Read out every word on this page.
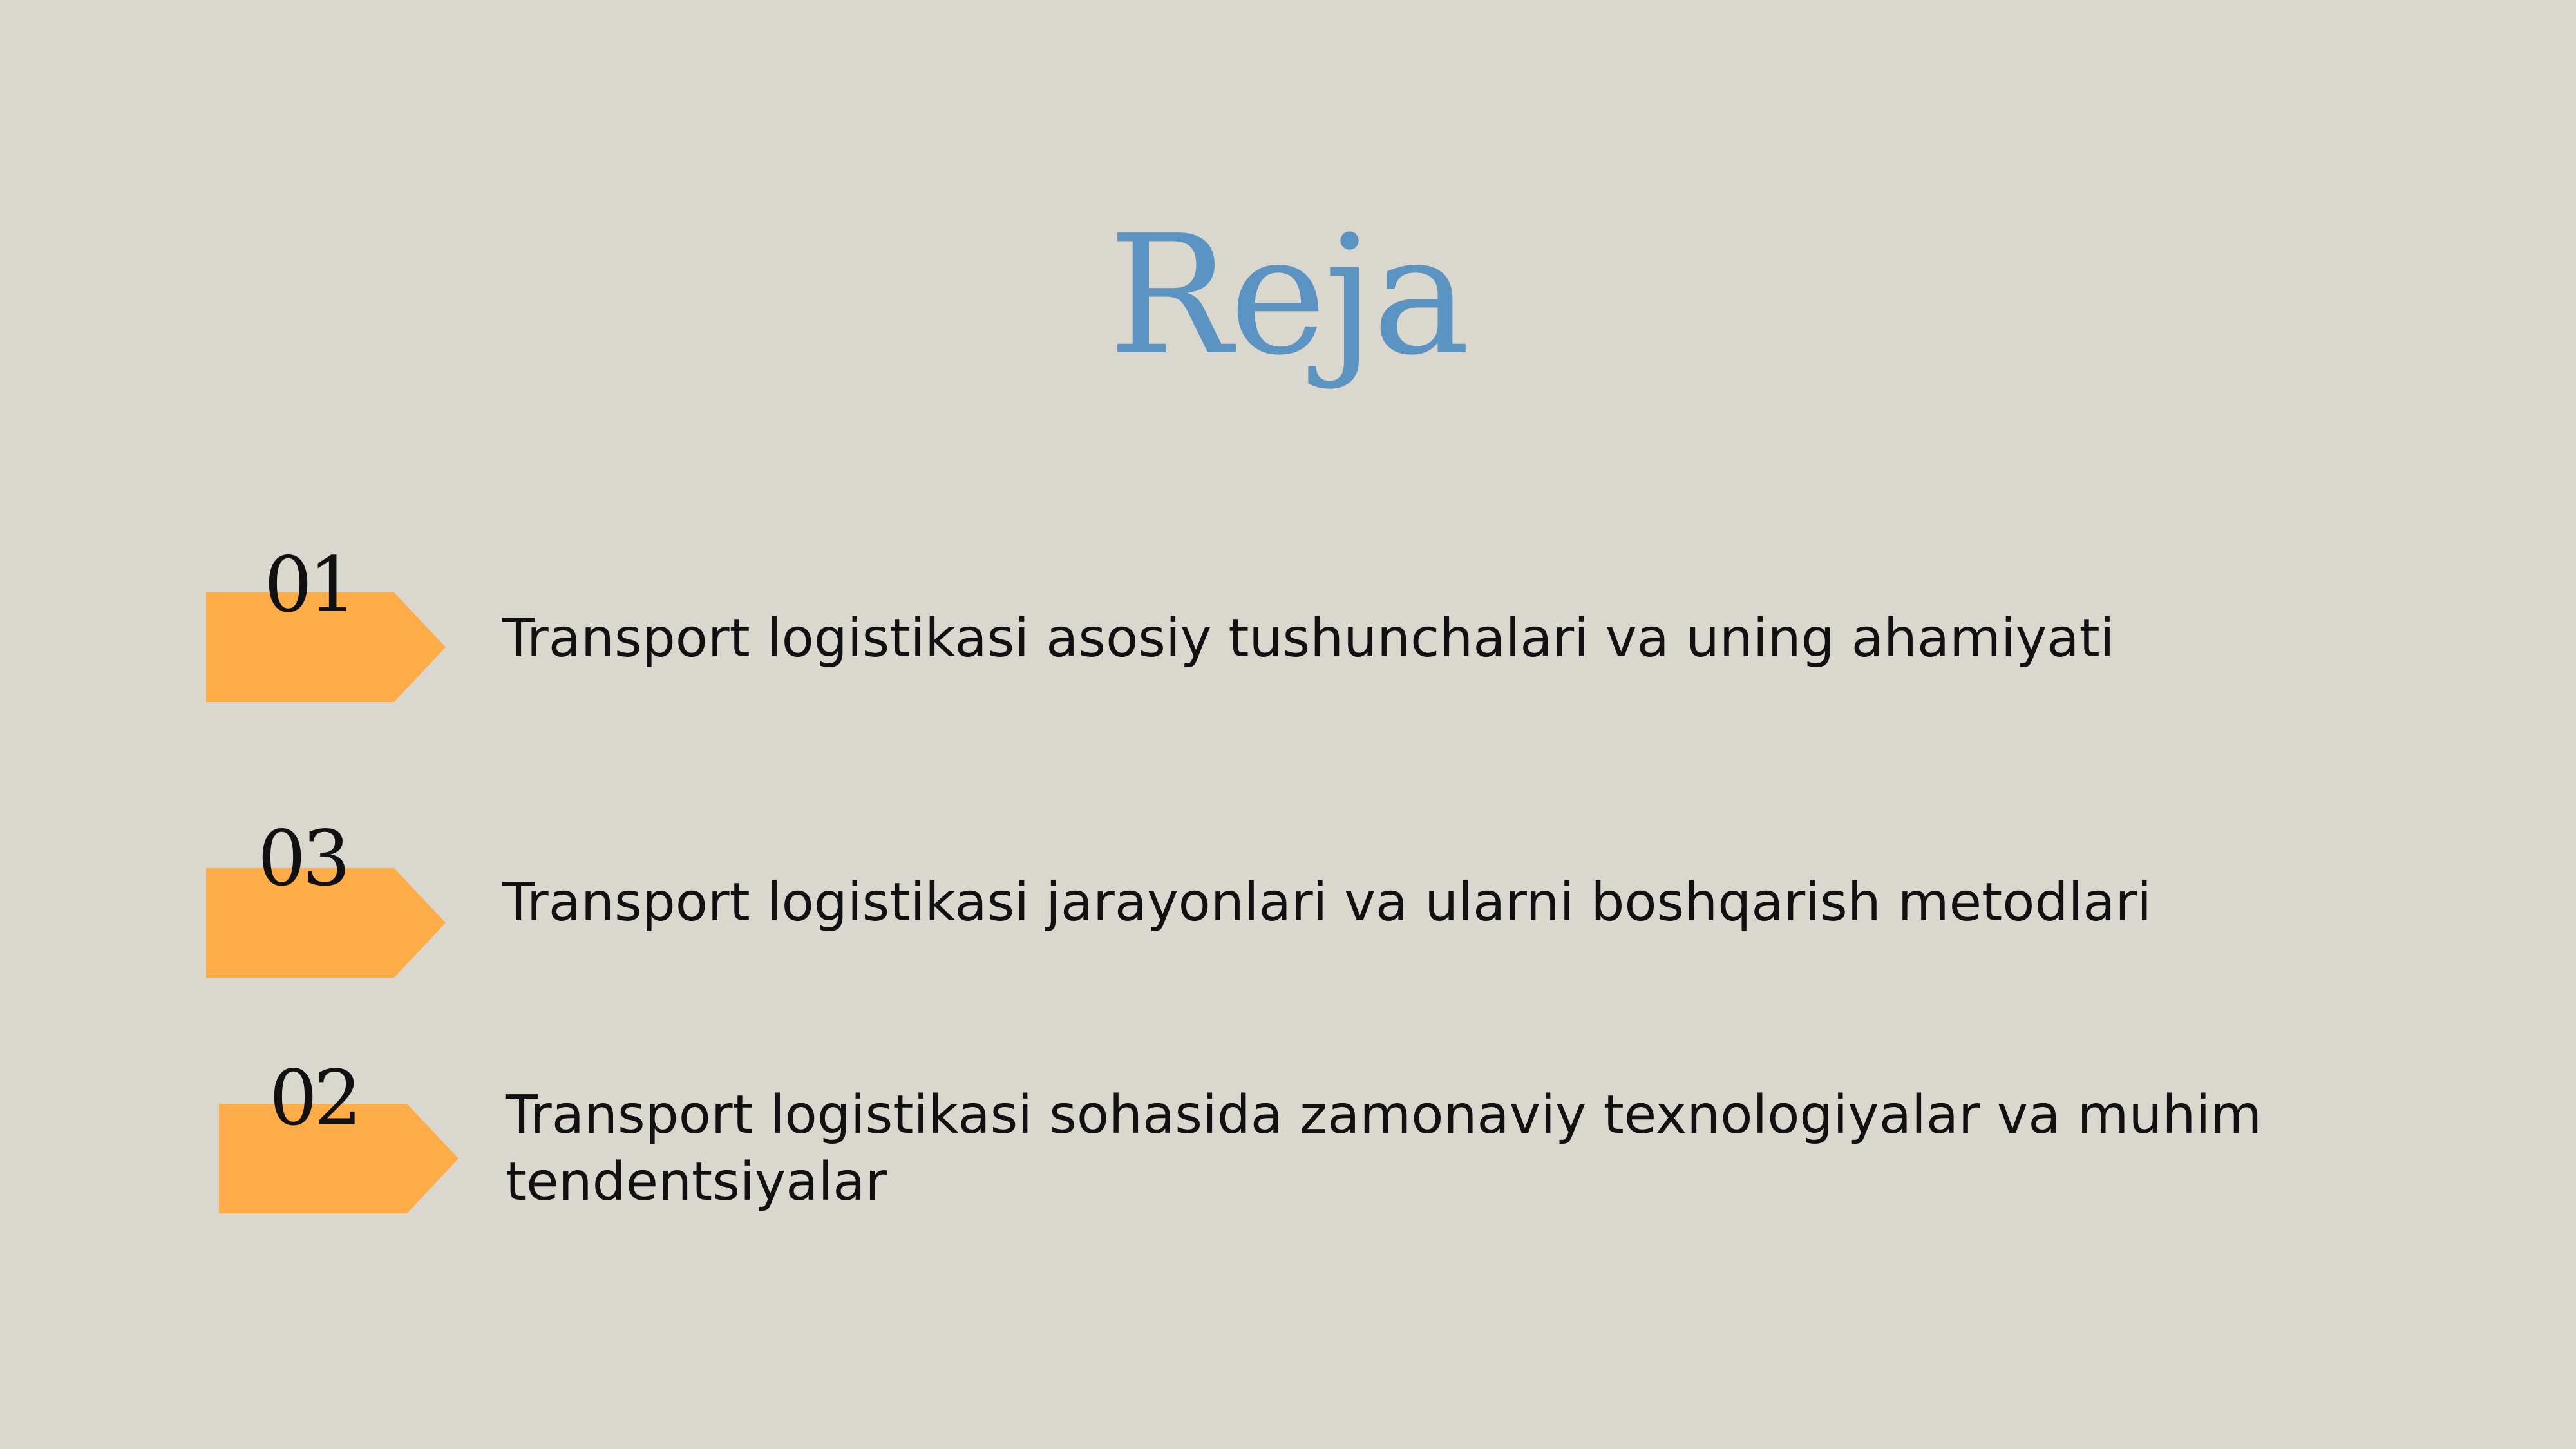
Reja
01
Transport logistikasi asosiy tushunchalari va uning ahamiyati
03	Transport logistikasi jarayonlari va ularni boshqarish metodlari
02	Transport logistikasi sohasida zamonaviy texnologiyalar va muhim tendentsiyalar
